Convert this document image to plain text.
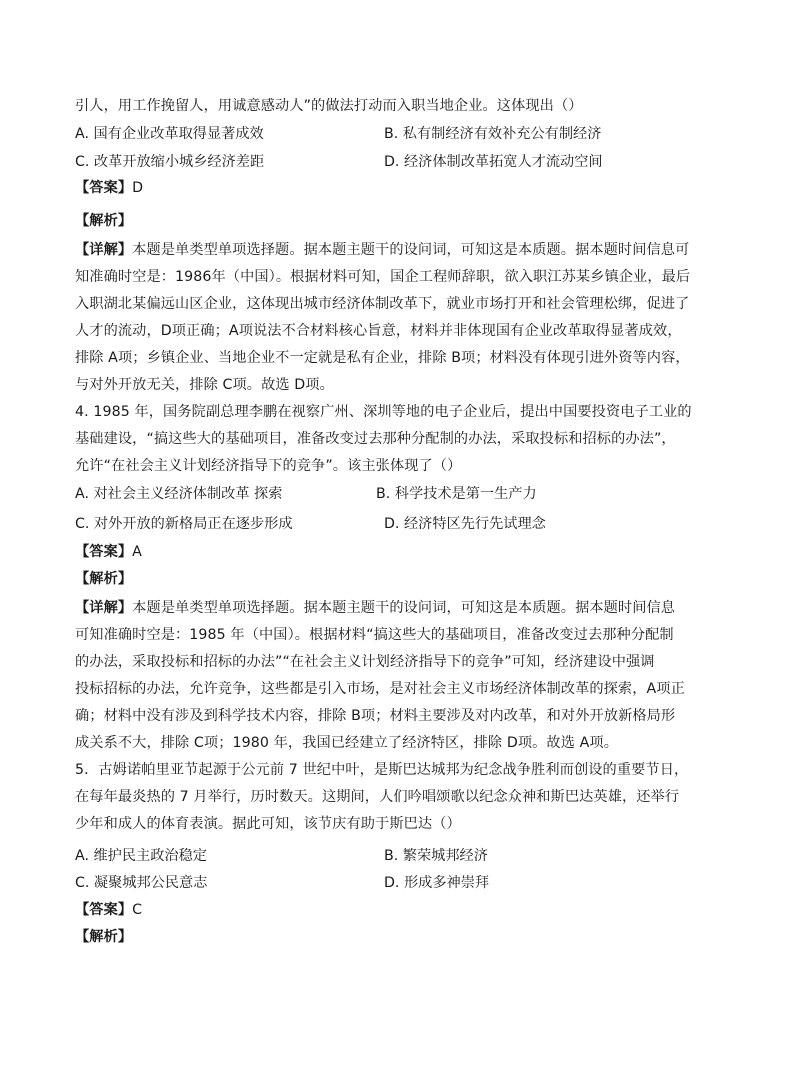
引人，用工作挽留人，用诚意感动人”的做法打动而入职当地企业。这体现出（）
A. 国有企业改革取得显著成效	B. 私有制经济有效补充公有制经济
C. 改革开放缩小城乡经济差距	D. 经济体制改革拓宽人才流动空间
【答案】D
【解析】
【详解】本题是单类型单项选择题。据本题主题干的设问词，可知这是本质题。据本题时间信息可
知准确时空是：1986年（中国）。根据材料可知，国企工程师辞职，欲入职江苏某乡镇企业，最后
入职湖北某偏远山区企业，这体现出城市经济体制改革下，就业市场打开和社会管理松绑，促进了
人才的流动，D项正确；A项说法不合材料核心旨意，材料并非体现国有企业改革取得显著成效，
排除 A项；乡镇企业、当地企业不一定就是私有企业，排除 B项；材料没有体现引进外资等内容，
与对外开放无关，排除 C项。故选 D项。
4. 1985 年，国务院副总理李鹏在视察广州、深圳等地的电子企业后，提出中国要投资电子工业的
基础建设，“搞这些大的基础项目，准备改变过去那种分配制的办法，采取投标和招标的办法”，
允许“在社会主义计划经济指导下的竞争”。该主张体现了（）
A. 对社会主义经济体制改革 探索	B. 科学技术是第一生产力
C. 对外开放的新格局正在逐步形成	D. 经济特区先行先试理念
【答案】A
【解析】
【详解】本题是单类型单项选择题。据本题主题干的设问词，可知这是本质题。据本题时间信息
可知准确时空是：1985 年（中国）。根据材料“搞这些大的基础项目，准备改变过去那种分配制
的办法，采取投标和招标的办法”“在社会主义计划经济指导下的竞争”可知，经济建设中强调
投标招标的办法，允许竞争，这些都是引入市场，是对社会主义市场经济体制改革的探索，A项正
确；材料中没有涉及到科学技术内容，排除 B项；材料主要涉及对内改革，和对外开放新格局形
成关系不大，排除 C项；1980 年，我国已经建立了经济特区，排除 D项。故选 A项。
5．古姆诺帕里亚节起源于公元前 7 世纪中叶，是斯巴达城邦为纪念战争胜利而创设的重要节日，
在每年最炎热的 7 月举行，历时数天。这期间，人们吟唱颂歌以纪念众神和斯巴达英雄，还举行
少年和成人的体育表演。据此可知，该节庆有助于斯巴达（）
A. 维护民主政治稳定	B. 繁荣城邦经济
C. 凝聚城邦公民意志	D. 形成多神崇拜
【答案】C
【解析】
